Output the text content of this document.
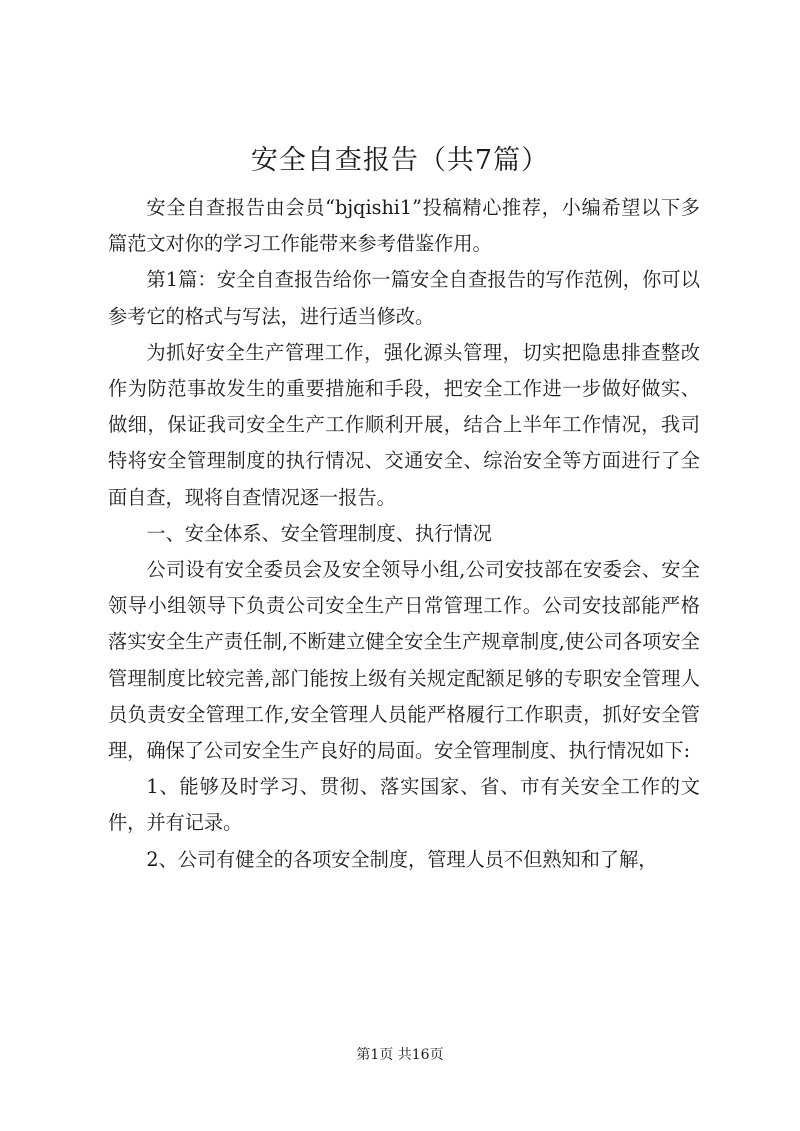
安全自查报告（共7篇）

安全自查报告由会员“bjqishi1”投稿精心推荐，小编希望以下多篇范文对你的学习工作能带来参考借鉴作用。

第1篇：安全自查报告给你一篇安全自查报告的写作范例，你可以参考它的格式与写法，进行适当修改。

为抓好安全生产管理工作，强化源头管理，切实把隐患排查整改作为防范事故发生的重要措施和手段，把安全工作进一步做好做实、做细，保证我司安全生产工作顺利开展，结合上半年工作情况，我司特将安全管理制度的执行情况、交通安全、综治安全等方面进行了全面自查，现将自查情况逐一报告。

一、安全体系、安全管理制度、执行情况

公司设有安全委员会及安全领导小组,公司安技部在安委会、安全领导小组领导下负责公司安全生产日常管理工作。公司安技部能严格落实安全生产责任制,不断建立健全安全生产规章制度,使公司各项安全管理制度比较完善,部门能按上级有关规定配额足够的专职安全管理人员负责安全管理工作,安全管理人员能严格履行工作职责，抓好安全管理，确保了公司安全生产良好的局面。安全管理制度、执行情况如下:

1、能够及时学习、贯彻、落实国家、省、市有关安全工作的文件，并有记录。

2、公司有健全的各项安全制度，管理人员不但熟知和了解，

第1页 共16页
